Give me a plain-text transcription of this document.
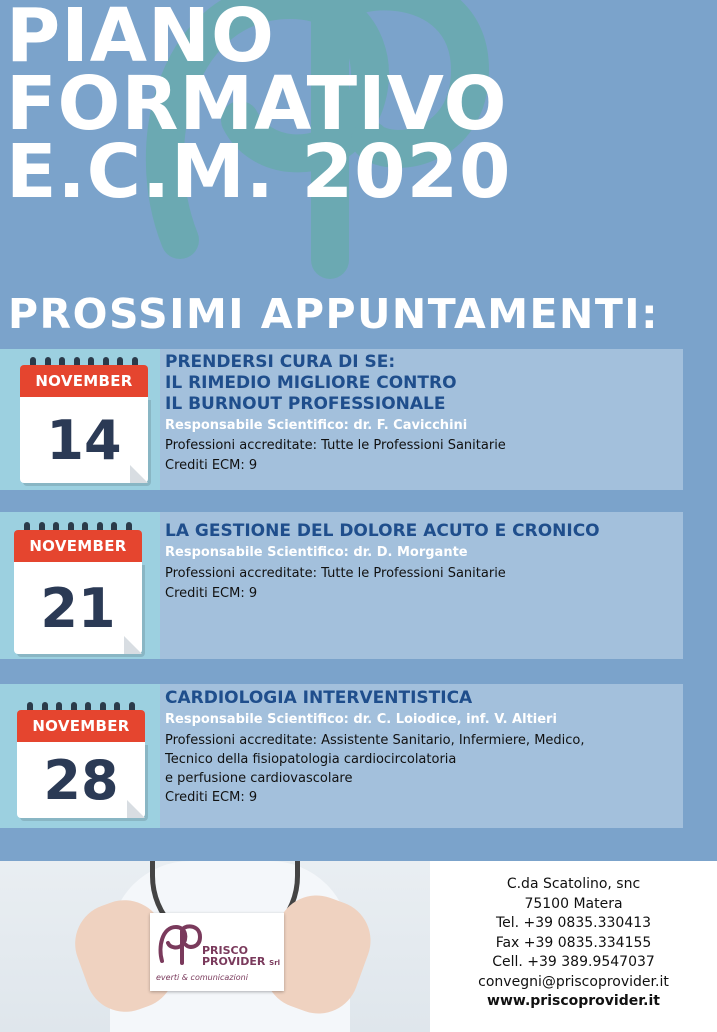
PIANO
FORMATIVO
E.C.M. 2020
PROSSIMI APPUNTAMENTI:
NOVEMBER
14
PRENDERSI CURA DI SE:
IL RIMEDIO MIGLIORE CONTRO
IL BURNOUT PROFESSIONALE
Responsabile Scientifico: dr. F. Cavicchini
Professioni accreditate: Tutte le Professioni Sanitarie
Crediti ECM: 9
NOVEMBER
21
LA GESTIONE DEL DOLORE ACUTO E CRONICO
Responsabile Scientifico: dr. D. Morgante
Professioni accreditate: Tutte le Professioni Sanitarie
Crediti ECM: 9
NOVEMBER
28
CARDIOLOGIA INTERVENTISTICA
Responsabile Scientifico: dr. C. Loiodice, inf. V. Altieri
Professioni accreditate: Assistente Sanitario, Infermiere, Medico,
Tecnico della fisiopatologia cardiocircolatoria
e perfusione cardiovascolare
Crediti ECM: 9
PRISCO
PROVIDER Srl
everti & comunicazioni
C.da Scatolino, snc
75100 Matera
Tel. +39 0835.330413
Fax +39 0835.334155
Cell. +39 389.9547037
convegni@priscoprovider.it
www.priscoprovider.it
